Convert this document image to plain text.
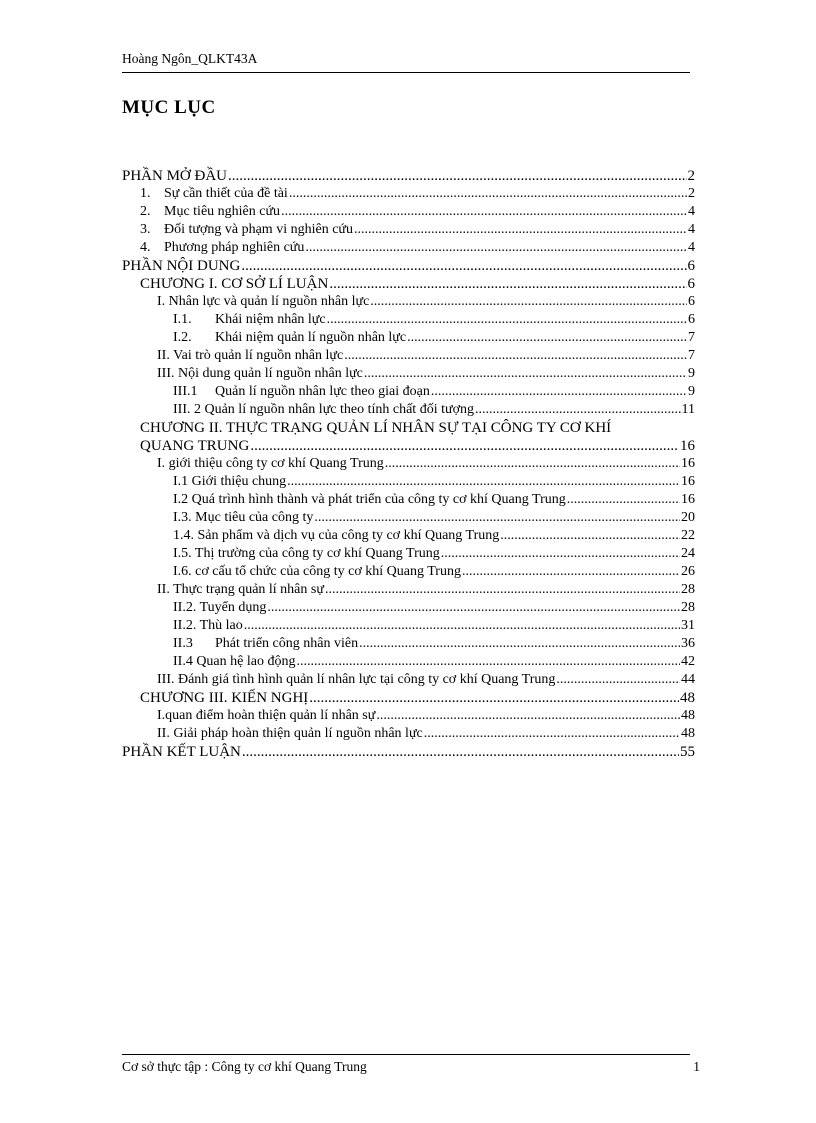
Hoàng Ngôn_QLKT43A
MỤC LỤC
PHẦN MỞ ĐẦU .....	2
1. Sự cần thiết của đề tài .....	2
2. Mục tiêu nghiên cứu .....	4
3. Đối tượng và phạm vi nghiên cứu .....	4
4. Phương pháp nghiên cứu .....	4
PHẦN NỘI DUNG .....	6
CHƯƠNG I. CƠ SỞ LÍ LUẬN .....	6
I. Nhân lực và quản lí nguồn nhân lực .....	6
I.1.	Khái niệm nhân lực .....	6
I.2.	Khái niệm quản lí nguồn nhân lực .....	7
II. Vai trò quản lí nguồn nhân lực .....	7
III. Nội dung quản lí nguồn nhân lực .....	9
III.1	Quản lí nguồn nhân lực theo giai đoạn .....	9
III. 2 Quản lí nguồn nhân lực theo tính chất đối tượng .....	11
CHƯƠNG II. THỰC TRẠNG QUẢN LÍ NHÂN SỰ TẠI CÔNG TY CƠ KHÍ
QUANG TRUNG .....	16
I. giới thiệu công ty cơ khí Quang Trung .....	16
I.1 Giới thiệu chung .....	16
I.2 Quá trình hình thành và phát triển của công ty cơ khí Quang Trung .....	16
I.3. Mục tiêu của công ty .....	20
1.4. Sản phẩm và dịch vụ của công ty cơ khí Quang Trung .....	22
I.5. Thị trường của công ty cơ khí Quang Trung .....	24
I.6. cơ cấu tổ chức của công ty cơ khí Quang Trung .....	26
II. Thực trạng quản lí nhân sự .....	28
II.2. Tuyển dụng .....	28
II.2. Thù lao .....	31
II.3	Phát triển công nhân viên .....	36
II.4 Quan hệ lao động .....	42
III. Đánh giá tình hình quản lí nhân lực tại công ty cơ khí Quang Trung .....	44
CHƯƠNG III. KIẾN NGHỊ .....	48
I. quan điểm hoàn thiện quản lí nhân sự .....	48
II. Giải pháp hoàn thiện quản lí nguồn nhân lực .....	48
PHẦN KẾT LUẬN .....	55
Cơ sở thực tập : Công ty cơ khí Quang Trung	1
